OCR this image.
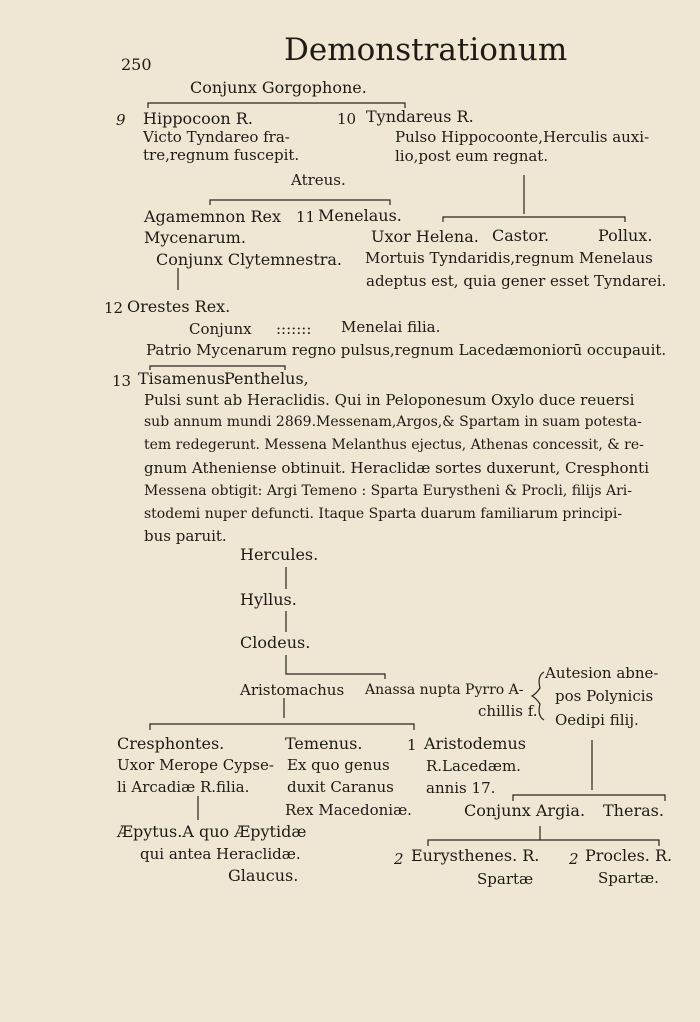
250	Demonstrationum
Conjunx Gorgophone.
9 Hippocoon R.	10 Tyndareus R.
Victo Tyndareo fra-
tre,regnum fuscepit.
Pulso Hippocoonte,Herculis auxi-
lio,post eum regnat.
Atreus.
Agamemnon Rex 11 Menelaus.
Mycenarum.	Uxor Helena. Castor.	Pollux.
Conjunx Clytemnestra. Mortuis Tyndaridis,regnum Menelaus
adeptus est, quia gener esset Tyndarei.
12 Orestes Rex.
Conjunx ::::::: Menelai filia.
Patrio Mycenarum regno pulsus,regnum Lacedæmoniorū occupauit.
13 Tisamenus.
Penthelus,
Pulsi sunt ab Heraclidis. Qui in Peloponesum Oxylo duce reuersi
sub annum mundi 2869.Messenam,Argos,& Spartam in suam potesta-
tem redegerunt. Messena Melanthus ejectus, Athenas concessit, & re-
gnum Atheniense obtinuit. Heraclidæ sortes duxerunt, Cresphonti
Messena obtigit: Argi Temeno : Sparta Eurystheni & Procli, filijs Ari-
stodemi nuper defuncti. Itaque Sparta duarum familiarum principi-
bus paruit.
Hercules.
Hyllus.
Clodeus.
Aristomachus Anassa nupta Pyrro A-
chillis f.
Autesion abne-
pos Polynicis
Oedipi filij.
Cresphontes.
Uxor Merope Cypse-
li Arcadiæ R.filia.
Temenus.
Ex quo genus
duxit Caranus
Rex Macedoniæ.
1 Aristodemus
R.Lacedæm.
annis 17.
Conjunx Argia. Theras.
Æpytus.A quo Æpytidæ
qui antea Heraclidæ.
Glaucus.
2 Eurysthenes. R. 2 Procles. R.
Spartæ	Spartæ.
